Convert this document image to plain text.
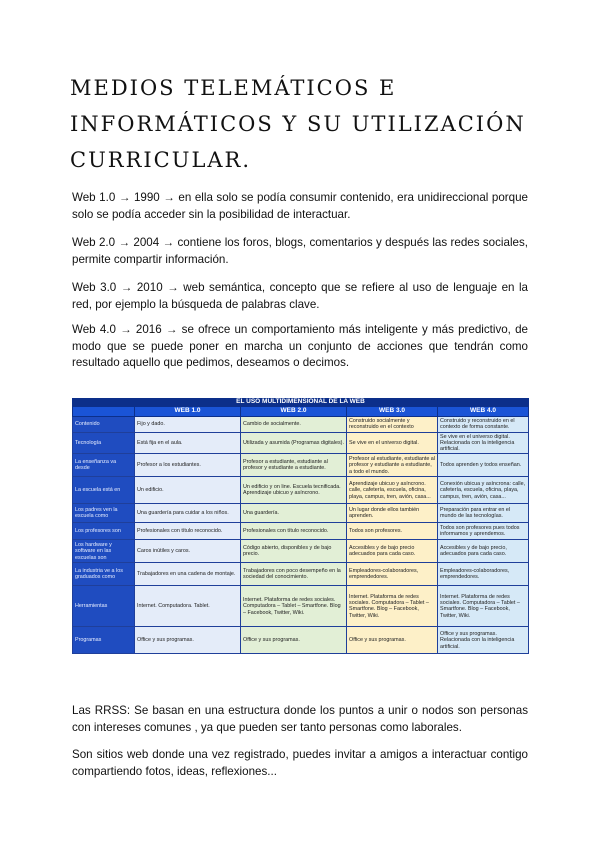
MEDIOS TELEMÁTICOS E INFORMÁTICOS Y SU UTILIZACIÓN CURRICULAR.

Web 1.0 → 1990 → en ella solo se podía consumir contenido, era unidireccional porque solo se podía acceder sin la posibilidad de interactuar.

Web 2.0 → 2004 → contiene los foros, blogs, comentarios y después las redes sociales, permite compartir información.

Web 3.0 → 2010 → web semántica, concepto que se refiere al uso de lenguaje en la red, por ejemplo la búsqueda de palabras clave.

Web 4.0 → 2016 → se ofrece un comportamiento más inteligente y más predictivo, de modo que se puede poner en marcha un conjunto de acciones que tendrán como resultado aquello que pedimos, deseamos o decimos.

EL USO MULTIDIMENSIONAL DE LA WEB
	WEB 1.0	WEB 2.0	WEB 3.0	WEB 4.0
Contenido	Fijo y dado.	Cambio de socialmente.	Construido socialmente y reconstruido en el contexto	Construido y reconstruido en el contexto de forma constante.
Tecnología	Está fija en el aula.	Utilizada y asumida (Programas digitales).	Se vive en el universo digital.	Se vive en el universo digital. Relacionada con la inteligencia artificial.
La enseñanza va desde	Profesor a los estudiantes.	Profesor a estudiante, estudiante al profesor y estudiante a estudiante.	Profesor al estudiante, estudiante al profesor y estudiante a estudiante, a todo el mundo.	Todos aprenden y todos enseñan.
La escuela está en	Un edificio.	Un edificio y on line. Escuela tecnificada. Aprendizaje ubicuo y asíncrono.	Aprendizaje ubicuo y asíncrono. calle, cafetería, escuela, oficina, playa, campus, tren, avión, casa...	Conexión ubicua y asíncrona: calle, cafetería, escuela, oficina, playa, campus, tren, avión, casa...
Los padres ven la escuela como	Una guardería para cuidar a los niños.	Una guardería.	Un lugar donde ellos también aprenden.	Preparación para entrar en el mundo de las tecnologías.
Los profesores son	Profesionales con título reconocido.	Profesionales con título reconocido.	Todos son profesores.	Todos son profesores pues todos informamos y aprendemos.
Los hardware y software en las escuelas son	Caros inútiles y caros.	Código abierto, disponibles y de bajo precio.	Accesibles y de bajo precio adecuados para cada caso.	Accesibles y de bajo precio, adecuados para cada caso.
La industria ve a los graduados como	Trabajadores en una cadena de montaje.	Trabajadores con poco desempeño en la sociedad del conocimiento.	Empleadores-colaboradores, emprendedores.	Empleadores-colaboradores, emprendedores.
Herramientas	Internet. Computadora. Tablet.	Internet. Plataforma de redes sociales. Computadora – Tablet – Smartfone. Blog – Facebook, Twitter, Wiki.	Internet. Plataforma de redes sociales. Computadora – Tablet – Smartfone. Blog – Facebook, Twitter, Wiki.	Internet. Plataforma de redes sociales. Computadora – Tablet – Smartfone. Blog – Facebook, Twitter, Wiki.
Programas	Office y sus programas.	Office y sus programas.	Office y sus programas.	Office y sus programas. Relacionada con la inteligencia artificial.

Las RRSS: Se basan en una estructura donde los puntos a unir o nodos son personas con intereses comunes , ya que pueden ser tanto personas como laborales.

Son sitios web donde una vez registrado, puedes invitar a amigos a interactuar contigo compartiendo fotos, ideas, reflexiones...
